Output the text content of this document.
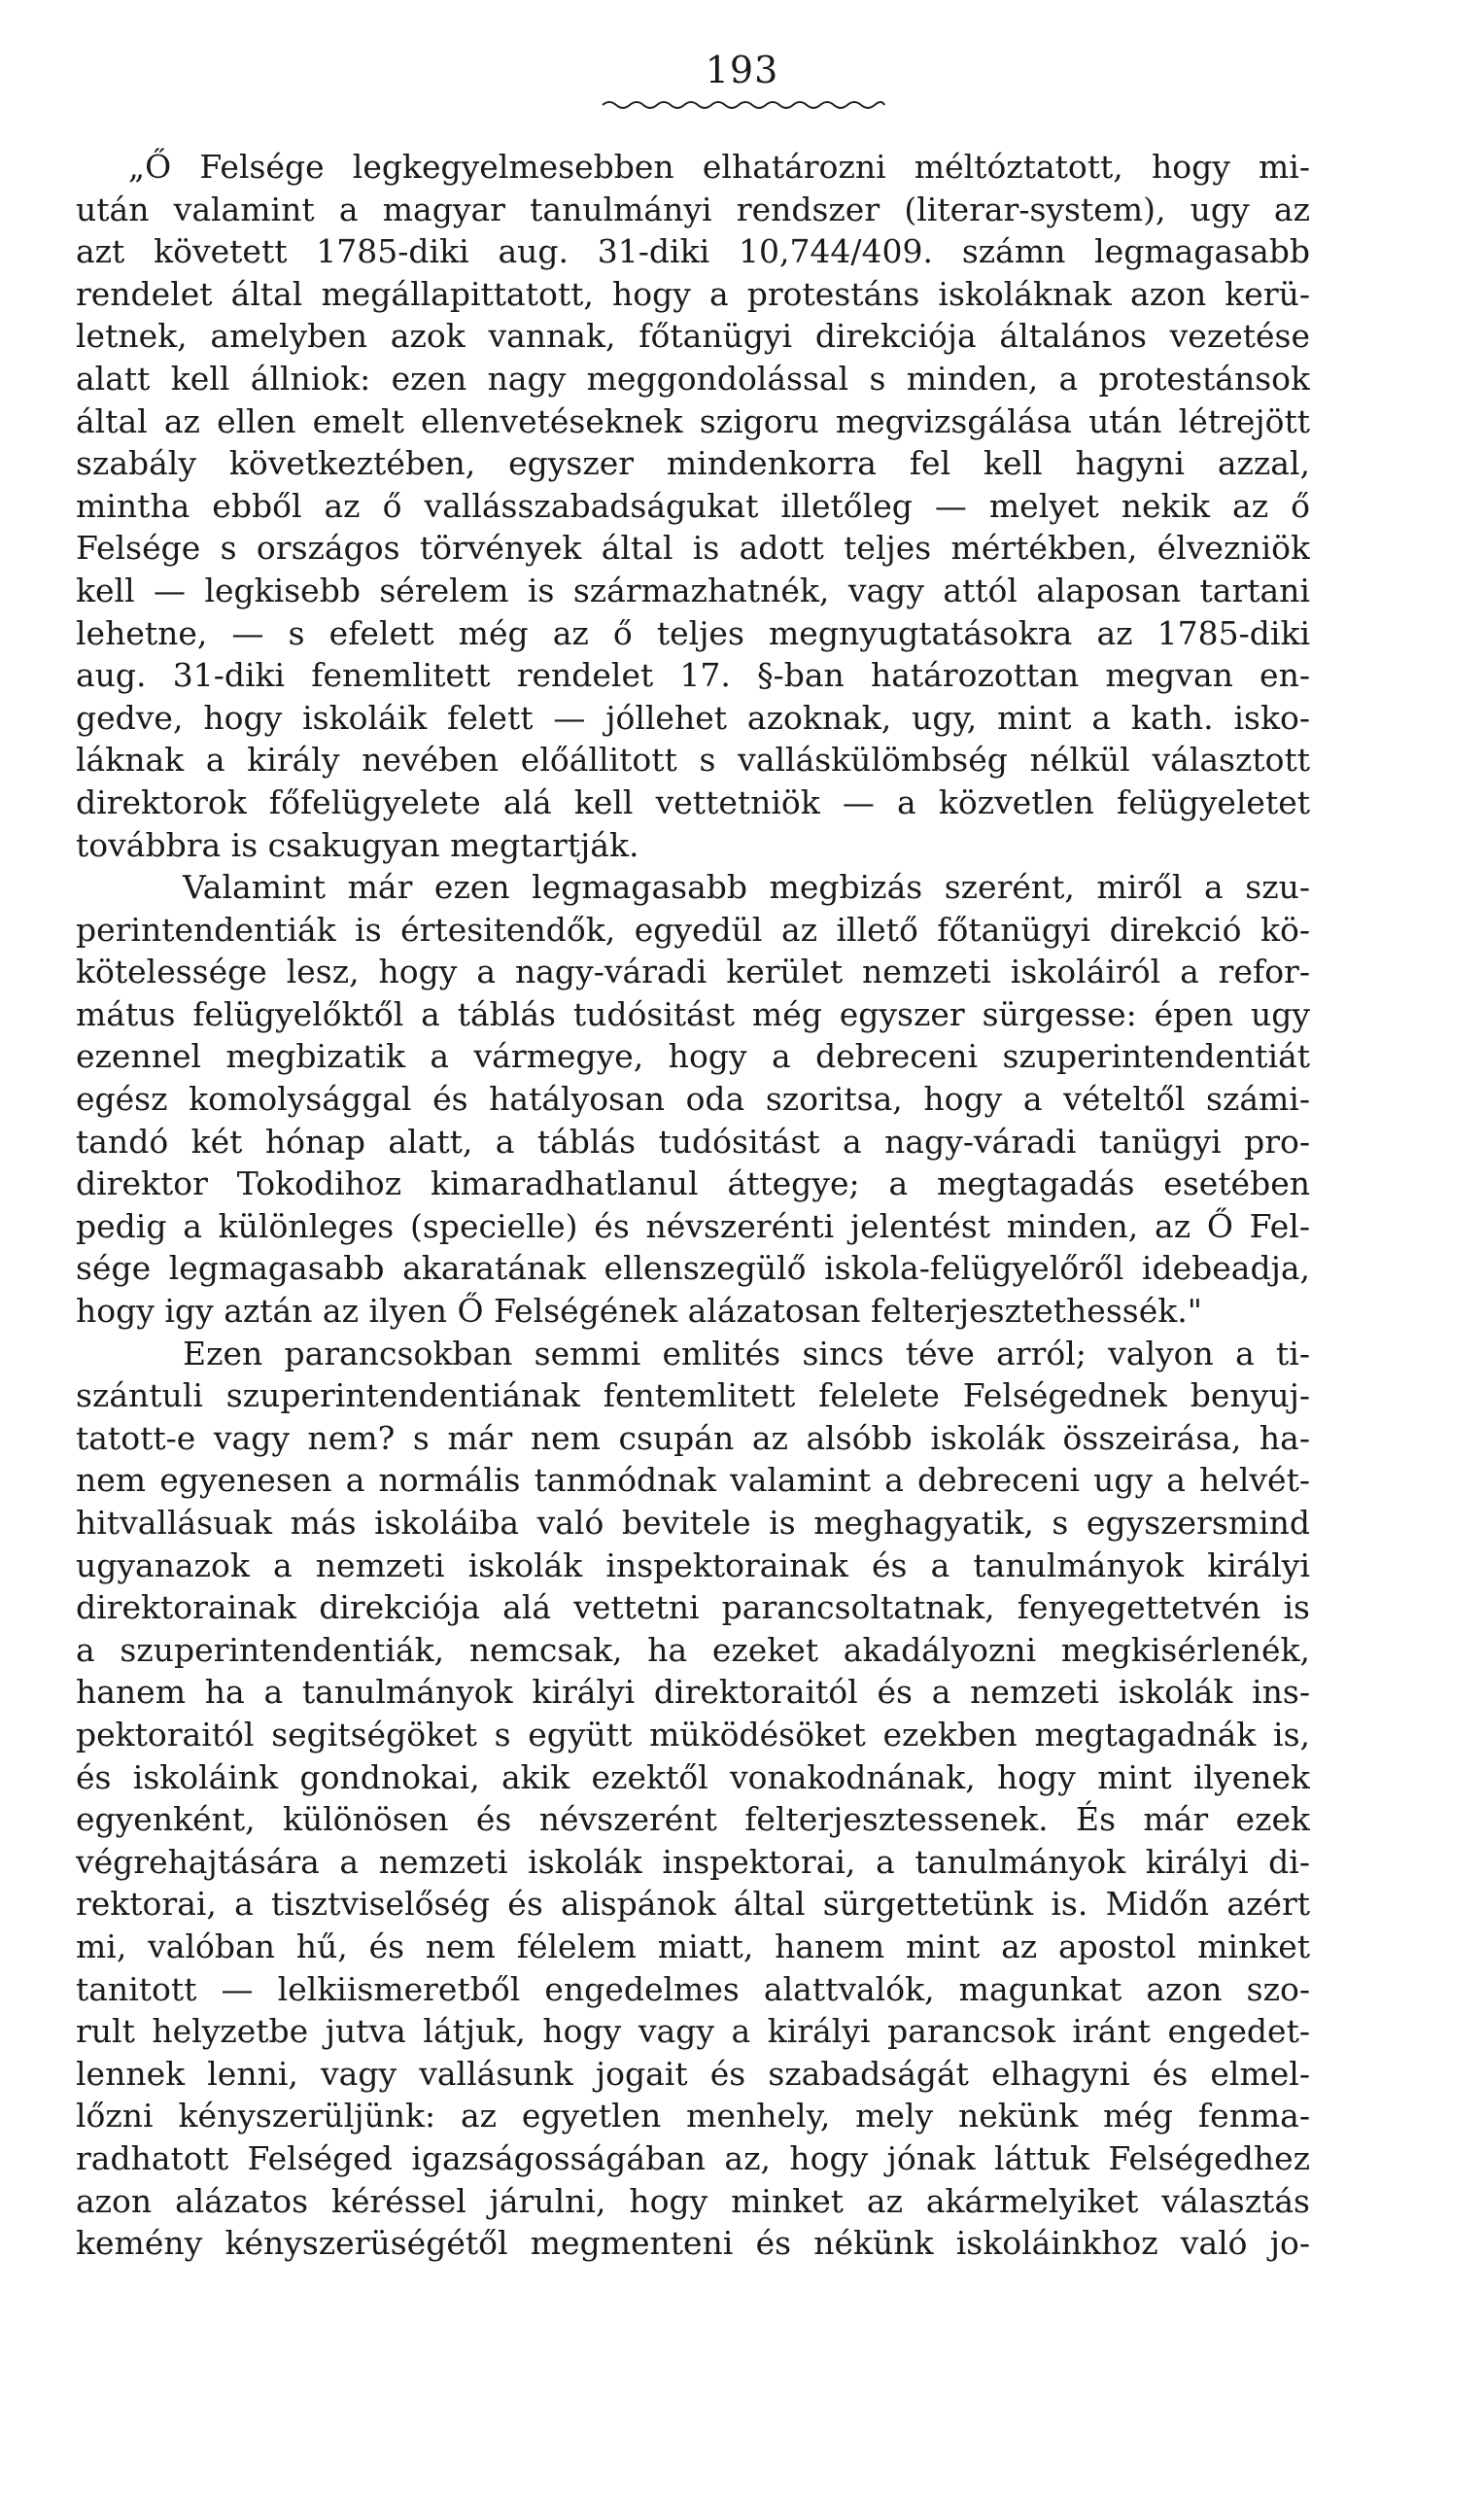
193
„Ő Felsége legkegyelmesebben elhatározni méltóztatott, hogy mi-
után valamint a magyar tanulmányi rendszer (literar-system), ugy az
azt követett 1785-diki aug. 31-diki 10,744/409. számn legmagasabb
rendelet által megállapittatott, hogy a protestáns iskoláknak azon kerü-
letnek, amelyben azok vannak, főtanügyi direkciója általános vezetése
alatt kell állniok: ezen nagy meggondolással s minden, a protestánsok
által az ellen emelt ellenvetéseknek szigoru megvizsgálása után létrejött
szabály következtében, egyszer mindenkorra fel kell hagyni azzal,
mintha ebből az ő vallásszabadságukat illetőleg — melyet nekik az ő
Felsége s országos törvények által is adott teljes mértékben, élvezniök
kell — legkisebb sérelem is származhatnék, vagy attól alaposan tartani
lehetne, — s efelett még az ő teljes megnyugtatásokra az 1785-diki
aug. 31-diki fenemlitett rendelet 17. §-ban határozottan megvan en-
gedve, hogy iskoláik felett — jóllehet azoknak, ugy, mint a kath. isko-
láknak a király nevében előállitott s valláskülömbség nélkül választott
direktorok főfelügyelete alá kell vettetniök — a közvetlen felügyeletet
továbbra is csakugyan megtartják.
Valamint már ezen legmagasabb megbizás szerént, miről a szu-
perintendentiák is értesitendők, egyedül az illető főtanügyi direkció kö-
kötelessége lesz, hogy a nagy-váradi kerület nemzeti iskoláiról a refor-
mátus felügyelőktől a táblás tudósitást még egyszer sürgesse: épen ugy
ezennel megbizatik a vármegye, hogy a debreceni szuperintendentiát
egész komolysággal és hatályosan oda szoritsa, hogy a vételtől számi-
tandó két hónap alatt, a táblás tudósitást a nagy-váradi tanügyi pro-
direktor Tokodihoz kimaradhatlanul áttegye; a megtagadás esetében
pedig a különleges (specielle) és névszerénti jelentést minden, az Ő Fel-
sége legmagasabb akaratának ellenszegülő iskola-felügyelőről idebeadja,
hogy igy aztán az ilyen Ő Felségének alázatosan felterjesztethessék."
Ezen parancsokban semmi emlités sincs téve arról; valyon a ti-
szántuli szuperintendentiának fentemlitett felelete Felségednek benyuj-
tatott-e vagy nem? s már nem csupán az alsóbb iskolák összeirása, ha-
nem egyenesen a normális tanmódnak valamint a debreceni ugy a helvét-
hitvallásuak más iskoláiba való bevitele is meghagyatik, s egyszersmind
ugyanazok a nemzeti iskolák inspektorainak és a tanulmányok királyi
direktorainak direkciója alá vettetni parancsoltatnak, fenyegettetvén is
a szuperintendentiák, nemcsak, ha ezeket akadályozni megkisérlenék,
hanem ha a tanulmányok királyi direktoraitól és a nemzeti iskolák ins-
pektoraitól segitségöket s együtt müködésöket ezekben megtagadnák is,
és iskoláink gondnokai, akik ezektől vonakodnának, hogy mint ilyenek
egyenként, különösen és névszerént felterjesztessenek. És már ezek
végrehajtására a nemzeti iskolák inspektorai, a tanulmányok királyi di-
rektorai, a tisztviselőség és alispánok által sürgettetünk is. Midőn azért
mi, valóban hű, és nem félelem miatt, hanem mint az apostol minket
tanitott — lelkiismeretből engedelmes alattvalók, magunkat azon szo-
rult helyzetbe jutva látjuk, hogy vagy a királyi parancsok iránt engedet-
lennek lenni, vagy vallásunk jogait és szabadságát elhagyni és elmel-
lőzni kényszerüljünk: az egyetlen menhely, mely nekünk még fenma-
radhatott Felséged igazságosságában az, hogy jónak láttuk Felségedhez
azon alázatos kéréssel járulni, hogy minket az akármelyiket választás
kemény kényszerüségétől megmenteni és nékünk iskoláinkhoz való jo-
